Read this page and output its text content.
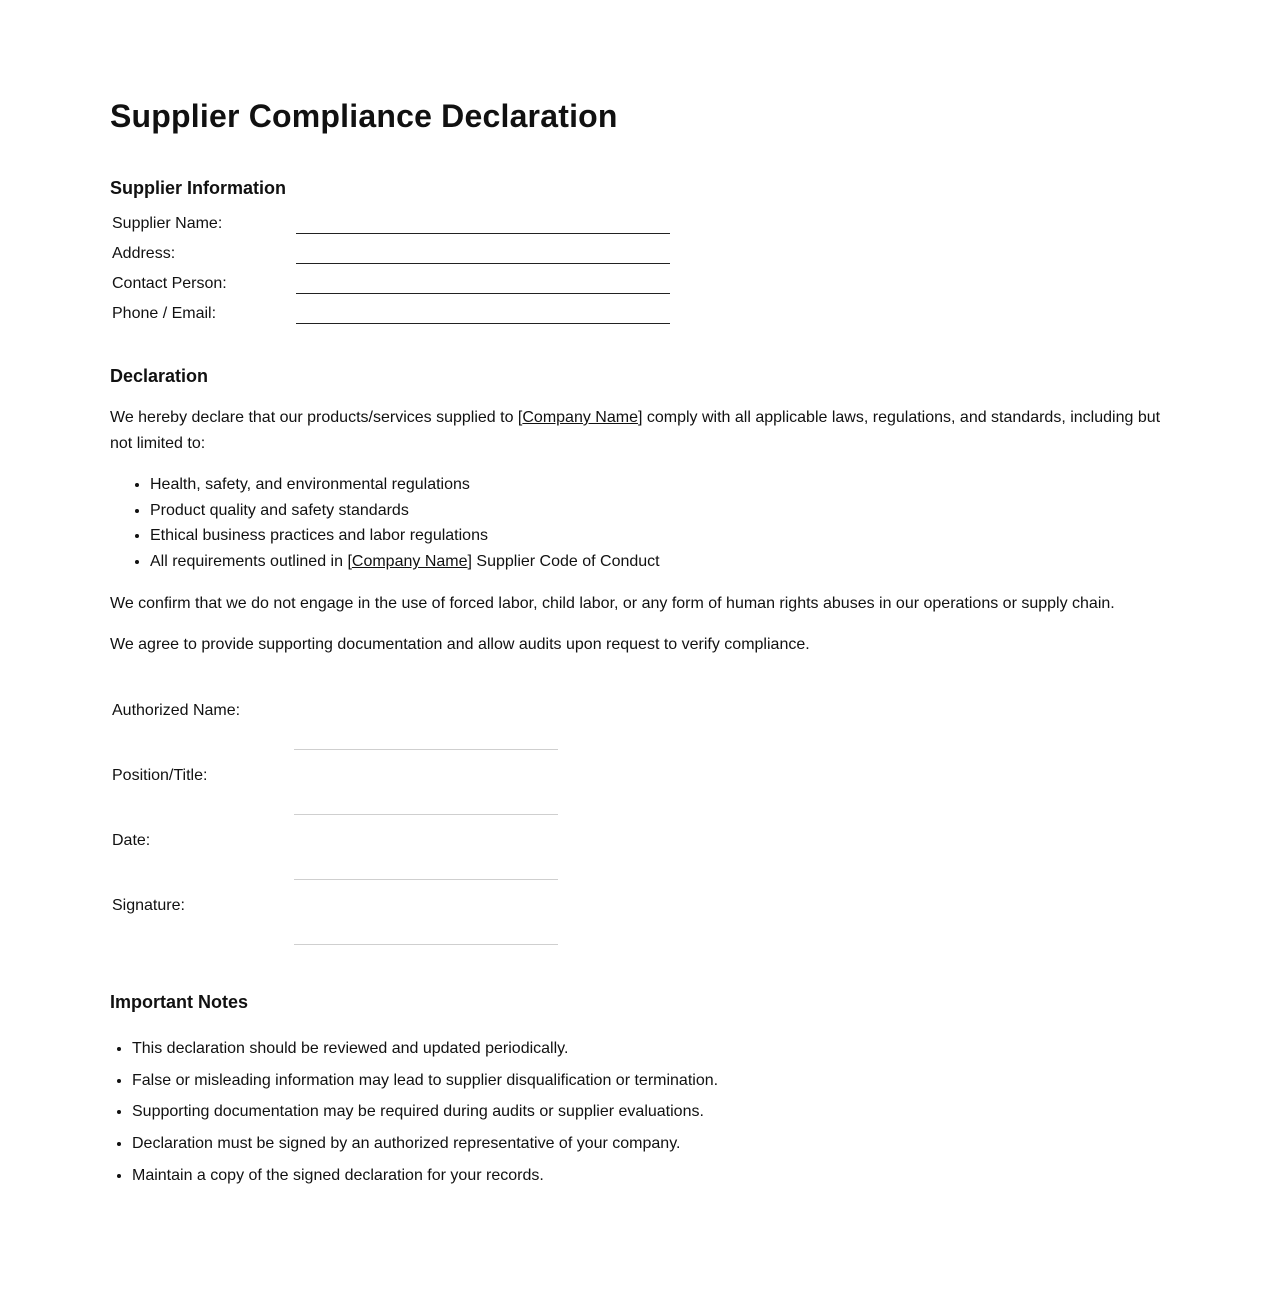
Supplier Compliance Declaration
Supplier Information
Supplier Name:
Address:
Contact Person:
Phone / Email:
Declaration

We hereby declare that our products/services supplied to [Company Name] comply with all applicable laws, regulations, and standards, including but not limited to:

• Health, safety, and environmental regulations
• Product quality and safety standards
• Ethical business practices and labor regulations
• All requirements outlined in [Company Name] Supplier Code of Conduct

We confirm that we do not engage in the use of forced labor, child labor, or any form of human rights abuses in our operations or supply chain.

We agree to provide supporting documentation and allow audits upon request to verify compliance.

Authorized Name:
Position/Title:
Date:
Signature:
Important Notes
• This declaration should be reviewed and updated periodically.
• False or misleading information may lead to supplier disqualification or termination.
• Supporting documentation may be required during audits or supplier evaluations.
• Declaration must be signed by an authorized representative of your company.
• Maintain a copy of the signed declaration for your records.
